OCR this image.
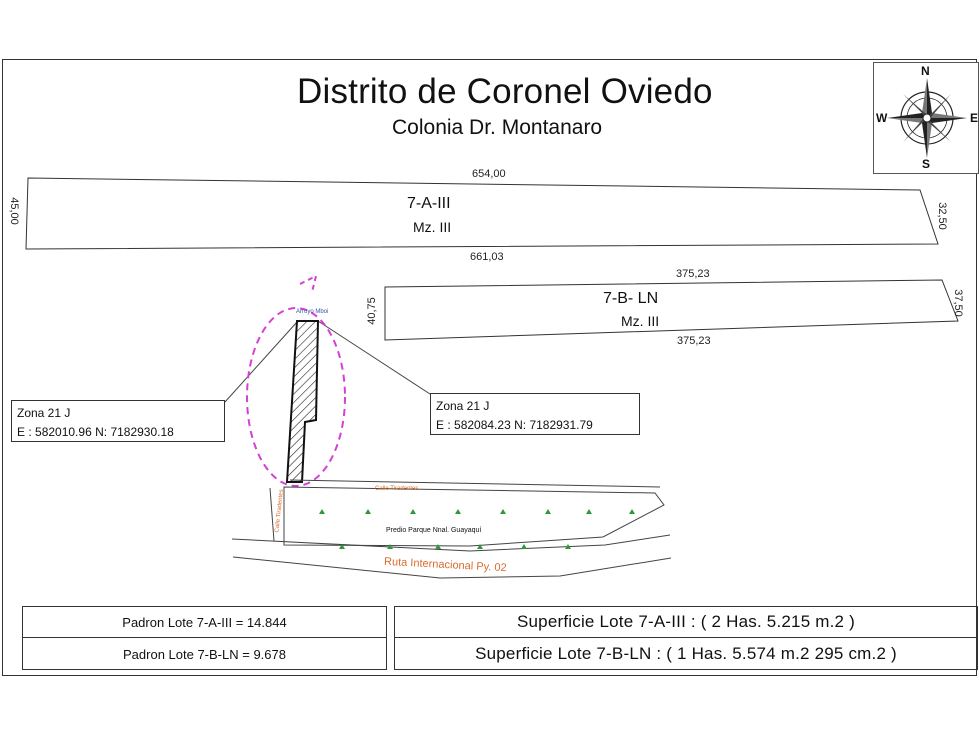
Distrito de Coronel Oviedo
Colonia Dr. Montanaro
N
S
E
W
654,00
661,03
45,00	32,50
7-A-III
Mz. III
375,23
375,23
40,75	37,50
7-B- LN
Mz. III
Arroyo Mboi
Predio Parque Nnal. Guayaquí
Ruta Internacional Py. 02
Calle Tiradentes
Calle Tiradentes
Zona 21 J
E : 582010.96 N: 7182930.18
Zona 21 J
E : 582084.23 N: 7182931.79
Padron Lote 7-A-III = 14.844
Padron Lote 7-B-LN = 9.678
Superficie Lote 7-A-III : ( 2 Has. 5.215 m.2 )
Superficie Lote 7-B-LN : ( 1 Has. 5.574 m.2 295 cm.2 )
